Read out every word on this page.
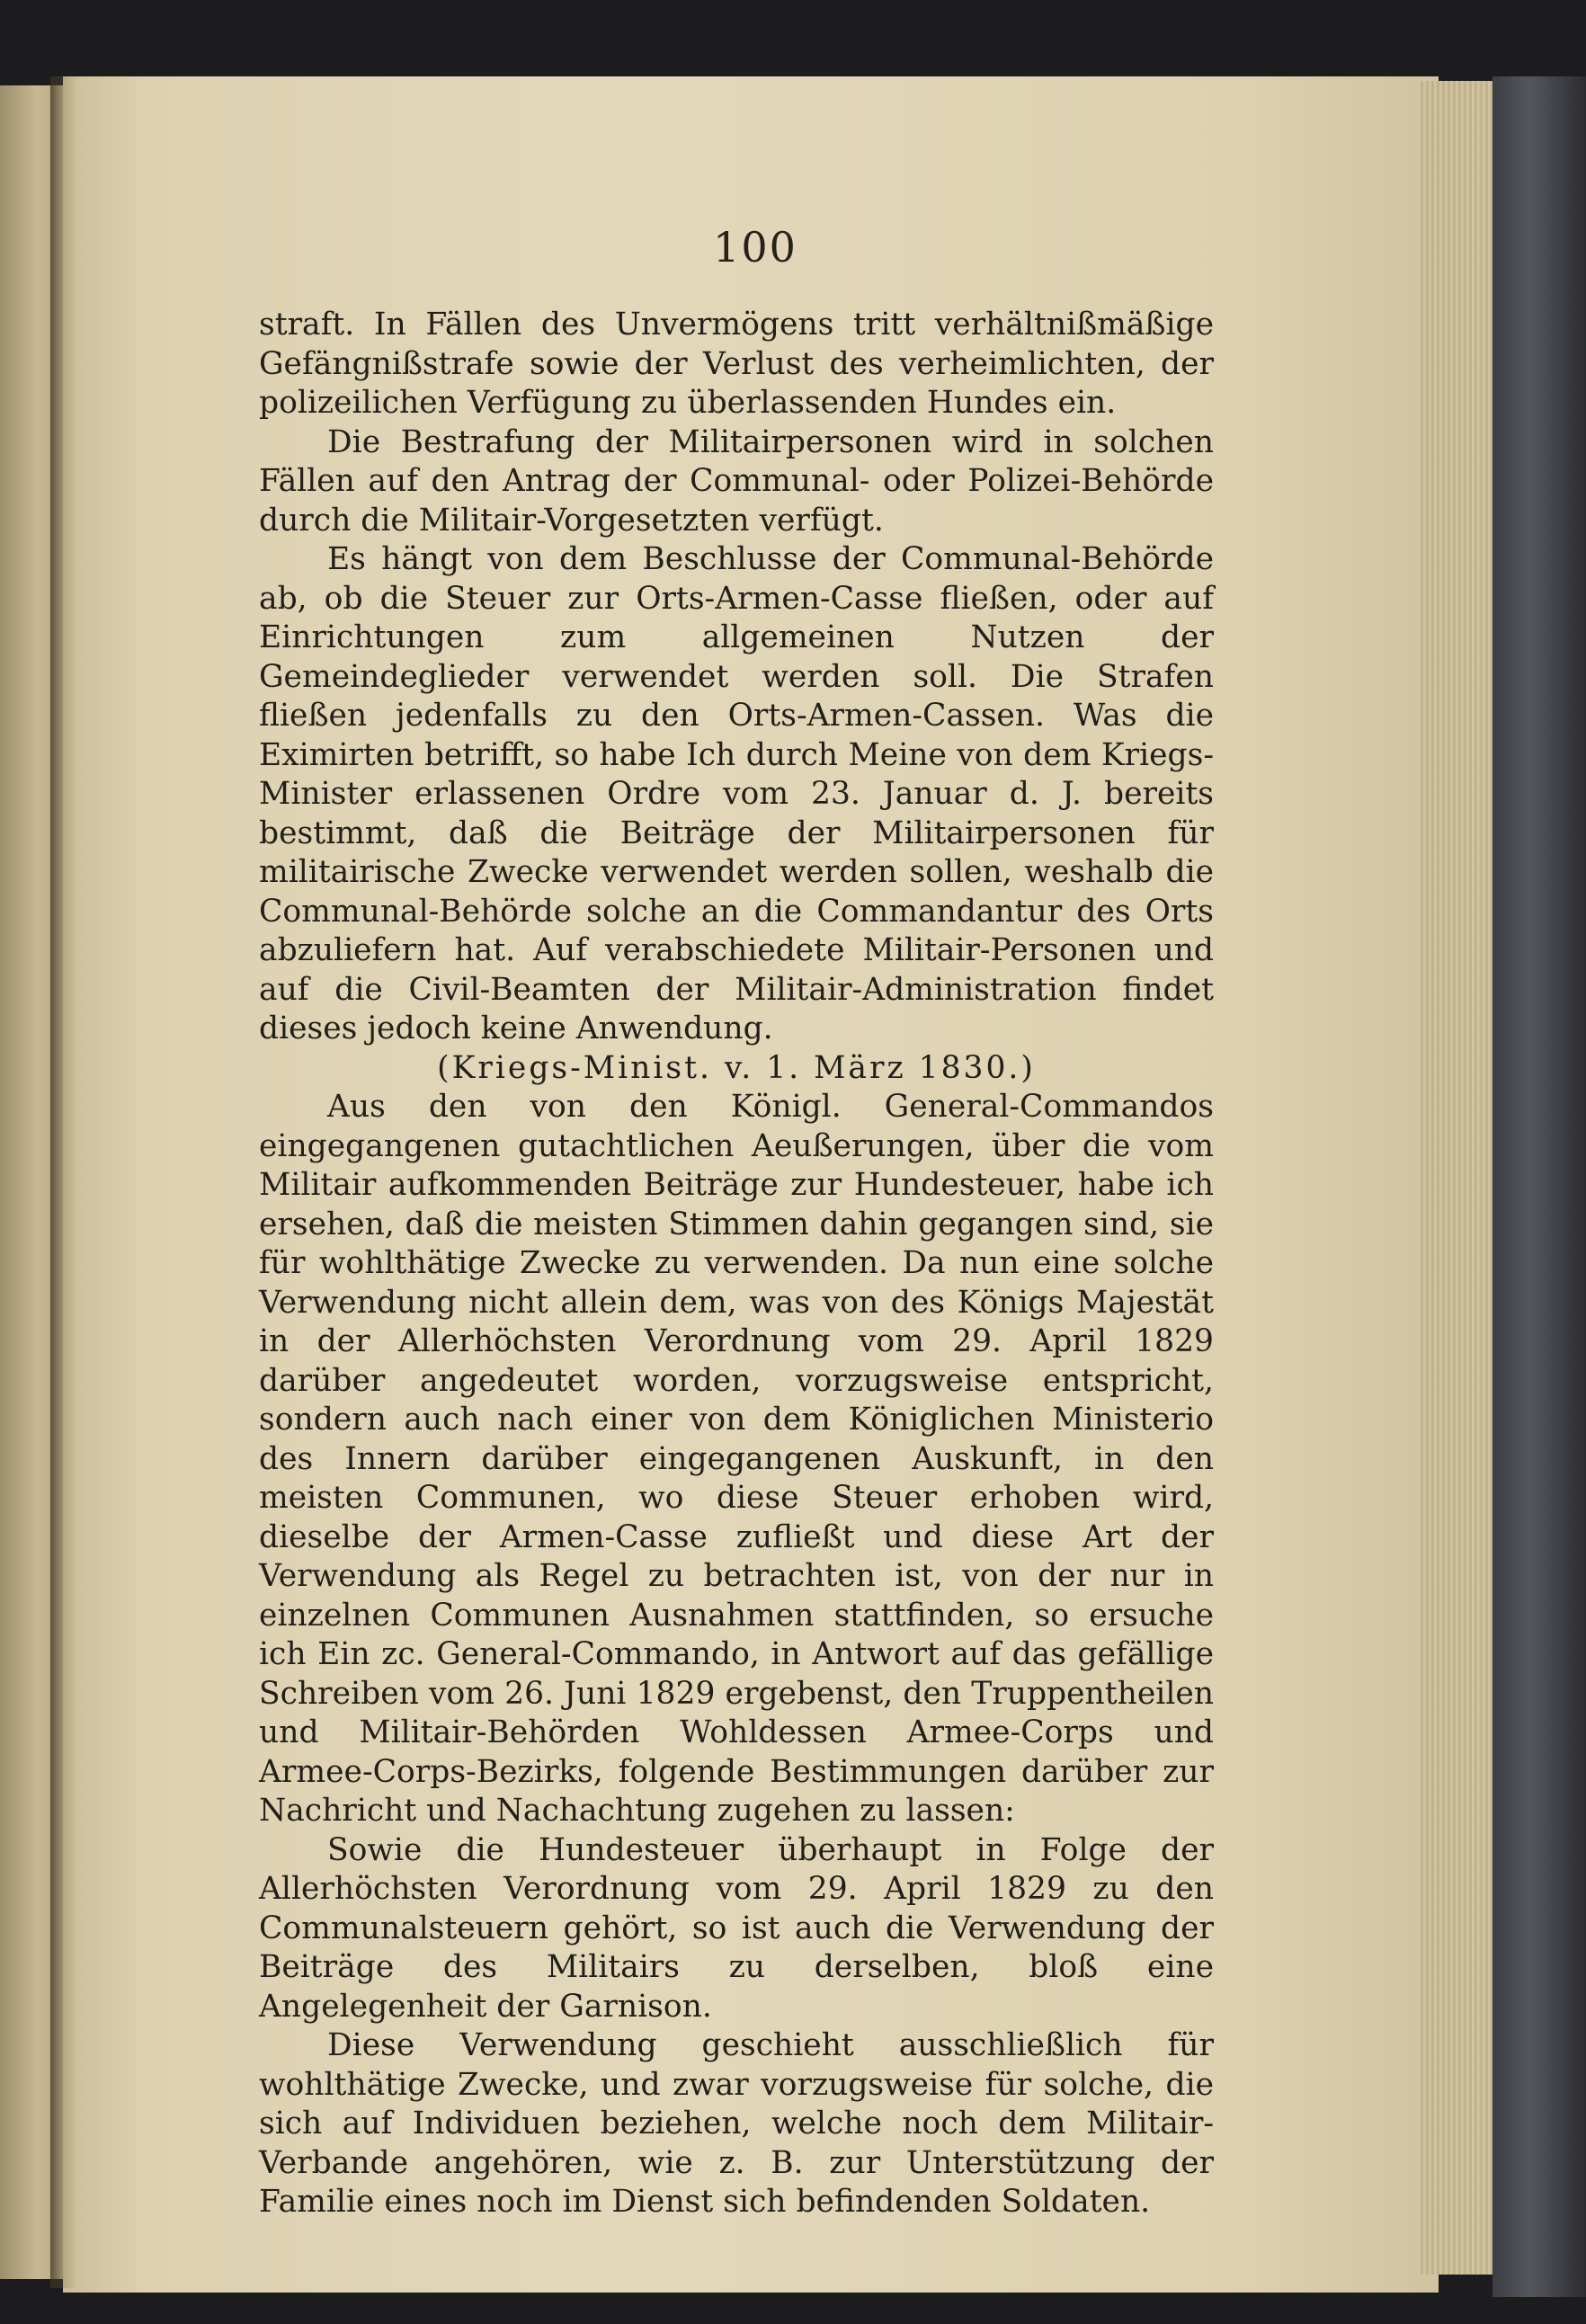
100

straft. In Fällen des Unvermögens tritt verhältnißmäßige Gefängnißstrafe sowie der Verlust des verheimlichten, der polizeilichen Verfügung zu überlassenden Hundes ein.

Die Bestrafung der Militairpersonen wird in solchen Fällen auf den Antrag der Communal- oder Polizei-Behörde durch die Militair-Vorgesetzten verfügt.

Es hängt von dem Beschlusse der Communal-Behörde ab, ob die Steuer zur Orts-Armen-Casse fließen, oder auf Einrichtungen zum allgemeinen Nutzen der Gemeindeglieder verwendet werden soll. Die Strafen fließen jedenfalls zu den Orts-Armen-Cassen. Was die Eximirten betrifft, so habe Ich durch Meine von dem Kriegs-Minister erlassenen Ordre vom 23. Januar d. J. bereits bestimmt, daß die Beiträge der Militairpersonen für militairische Zwecke verwendet werden sollen, weshalb die Communal-Behörde solche an die Commandantur des Orts abzuliefern hat. Auf verabschiedete Militair-Personen und auf die Civil-Beamten der Militair-Administration findet dieses jedoch keine Anwendung.

(Kriegs-Minist. v. 1. März 1830.)

Aus den von den Königl. General-Commandos eingegangenen gutachtlichen Aeußerungen, über die vom Militair aufkommenden Beiträge zur Hundesteuer, habe ich ersehen, daß die meisten Stimmen dahin gegangen sind, sie für wohlthätige Zwecke zu verwenden. Da nun eine solche Verwendung nicht allein dem, was von des Königs Majestät in der Allerhöchsten Verordnung vom 29. April 1829 darüber angedeutet worden, vorzugsweise entspricht, sondern auch nach einer von dem Königlichen Ministerio des Innern darüber eingegangenen Auskunft, in den meisten Communen, wo diese Steuer erhoben wird, dieselbe der Armen-Casse zufließt und diese Art der Verwendung als Regel zu betrachten ist, von der nur in einzelnen Communen Ausnahmen stattfinden, so ersuche ich Ein zc. General-Commando, in Antwort auf das gefällige Schreiben vom 26. Juni 1829 ergebenst, den Truppentheilen und Militair-Behörden Wohldessen Armee-Corps und Armee-Corps-Bezirks, folgende Bestimmungen darüber zur Nachricht und Nachachtung zugehen zu lassen:

Sowie die Hundesteuer überhaupt in Folge der Allerhöchsten Verordnung vom 29. April 1829 zu den Communalsteuern gehört, so ist auch die Verwendung der Beiträge des Militairs zu derselben, bloß eine Angelegenheit der Garnison.

Diese Verwendung geschieht ausschließlich für wohlthätige Zwecke, und zwar vorzugsweise für solche, die sich auf Individuen beziehen, welche noch dem Militair-Verbande angehören, wie z. B. zur Unterstützung der Familie eines noch im Dienst sich befindenden Soldaten.
